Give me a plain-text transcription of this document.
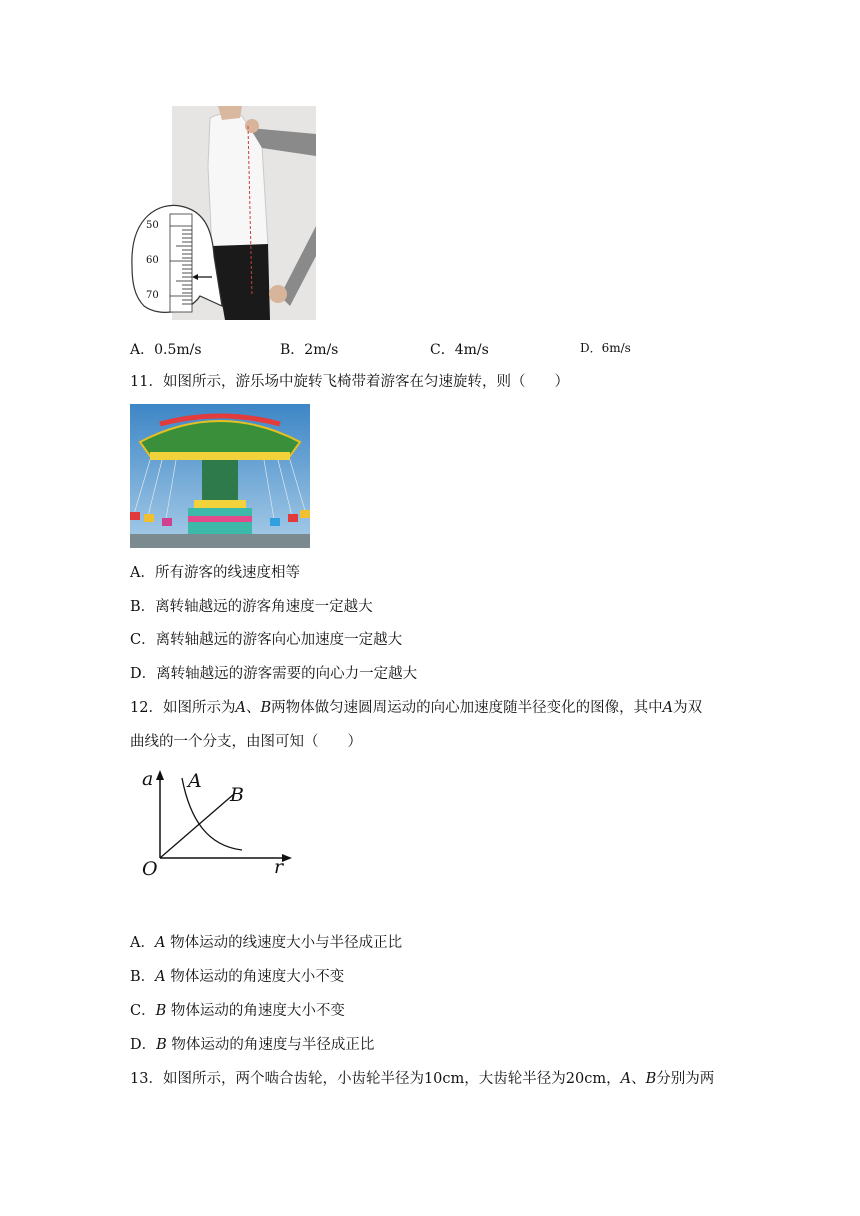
50
60
70
A．0.5m/s	B．2m/s	C．4m/s	D．6m/s
11．如图所示，游乐场中旋转飞椅带着游客在匀速旋转，则（　　）
A．所有游客的线速度相等
B．离转轴越远的游客角速度一定越大
C．离转轴越远的游客向心加速度一定越大
D．离转轴越远的游客需要的向心力一定越大
12．如图所示为A、B两物体做匀速圆周运动的向心加速度随半径变化的图像，其中A为双
曲线的一个分支，由图可知（　　）
a
r
O
A
B
A．A 物体运动的线速度大小与半径成正比
B．A 物体运动的角速度大小不变
C．B 物体运动的角速度大小不变
D．B 物体运动的角速度与半径成正比
13．如图所示，两个啮合齿轮，小齿轮半径为10cm，大齿轮半径为20cm，A、B分别为两
